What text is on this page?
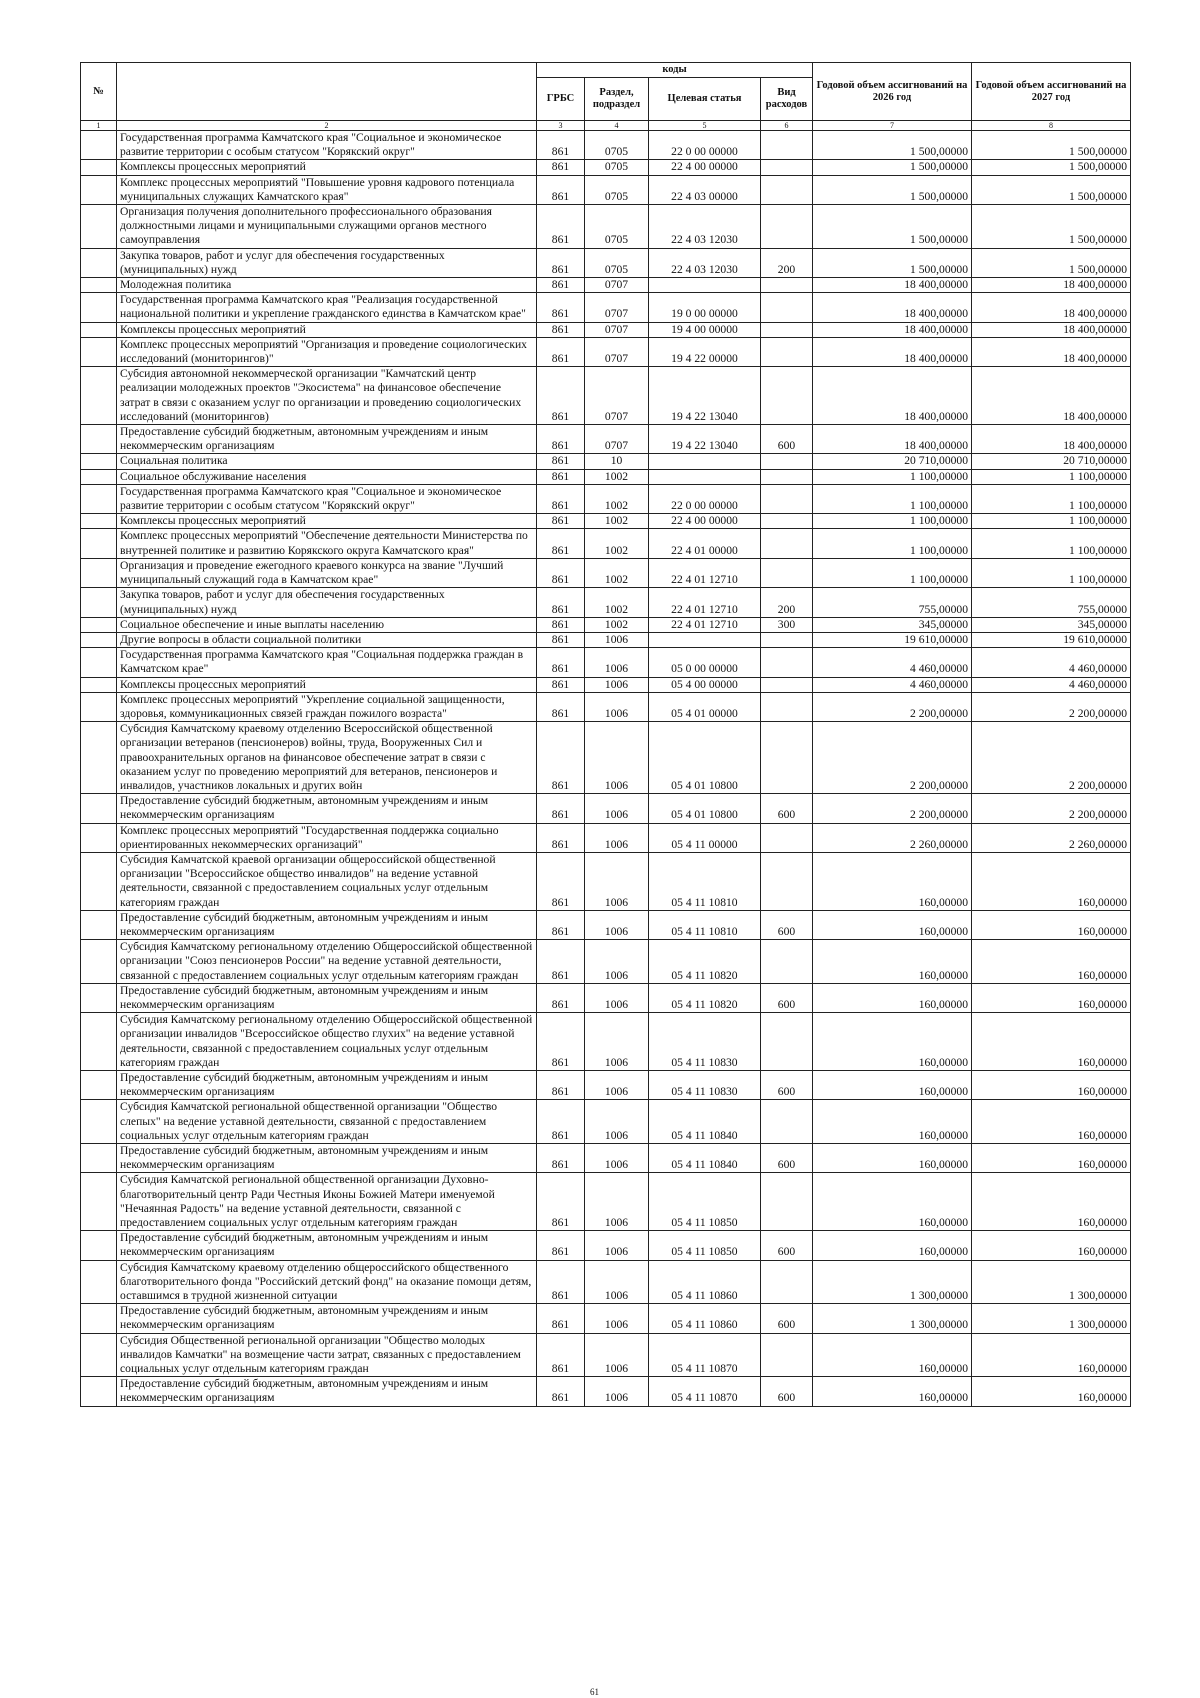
№		коды				Годовой объем ассигнований на 2026 год	Годовой объем ассигнований на 2027 год
		ГРБС	Раздел, подраздел	Целевая статья	Вид расходов		
1	2	3	4	5	6	7	8
	Государственная программа Камчатского края "Социальное и экономическое развитие территории с особым статусом "Корякский округ"	861	0705	22 0 00 00000		1 500,00000	1 500,00000
	Комплексы процессных мероприятий	861	0705	22 4 00 00000		1 500,00000	1 500,00000
	Комплекс процессных мероприятий "Повышение уровня кадрового потенциала муниципальных служащих Камчатского края"	861	0705	22 4 03 00000		1 500,00000	1 500,00000
	Организация получения дополнительного профессионального образования должностными лицами и муниципальными служащими органов местного самоуправления	861	0705	22 4 03 12030		1 500,00000	1 500,00000
	Закупка товаров, работ и услуг для обеспечения государственных (муниципальных) нужд	861	0705	22 4 03 12030	200	1 500,00000	1 500,00000
	Молодежная политика	861	0707			18 400,00000	18 400,00000
	Государственная программа Камчатского края "Реализация государственной национальной политики и укрепление гражданского единства в Камчатском крае"	861	0707	19 0 00 00000		18 400,00000	18 400,00000
	Комплексы процессных мероприятий	861	0707	19 4 00 00000		18 400,00000	18 400,00000
	Комплекс процессных мероприятий "Организация и проведение социологических исследований (мониторингов)"	861	0707	19 4 22 00000		18 400,00000	18 400,00000
	Субсидия автономной некоммерческой организации "Камчатский центр реализации молодежных проектов "Экосистема" на финансовое обеспечение затрат в связи с оказанием услуг по организации и проведению социологических исследований (мониторингов)	861	0707	19 4 22 13040		18 400,00000	18 400,00000
	Предоставление субсидий бюджетным, автономным учреждениям и иным некоммерческим организациям	861	0707	19 4 22 13040	600	18 400,00000	18 400,00000
	Социальная политика	861	10			20 710,00000	20 710,00000
	Социальное обслуживание населения	861	1002			1 100,00000	1 100,00000
	Государственная программа Камчатского края "Социальное и экономическое развитие территории с особым статусом "Корякский округ"	861	1002	22 0 00 00000		1 100,00000	1 100,00000
	Комплексы процессных мероприятий	861	1002	22 4 00 00000		1 100,00000	1 100,00000
	Комплекс процессных мероприятий "Обеспечение деятельности Министерства по внутренней политике и развитию Корякского округа Камчатского края"	861	1002	22 4 01 00000		1 100,00000	1 100,00000
	Организация и проведение ежегодного краевого конкурса на звание "Лучший муниципальный служащий года в Камчатском крае"	861	1002	22 4 01 12710		1 100,00000	1 100,00000
	Закупка товаров, работ и услуг для обеспечения государственных (муниципальных) нужд	861	1002	22 4 01 12710	200	755,00000	755,00000
	Социальное обеспечение и иные выплаты населению	861	1002	22 4 01 12710	300	345,00000	345,00000
	Другие вопросы в области социальной политики	861	1006			19 610,00000	19 610,00000
	Государственная программа Камчатского края "Социальная поддержка граждан в Камчатском крае"	861	1006	05 0 00 00000		4 460,00000	4 460,00000
	Комплексы процессных мероприятий	861	1006	05 4 00 00000		4 460,00000	4 460,00000
	Комплекс процессных мероприятий "Укрепление социальной защищенности, здоровья, коммуникационных связей граждан пожилого возраста"	861	1006	05 4 01 00000		2 200,00000	2 200,00000
	Субсидия Камчатскому краевому отделению Всероссийской общественной организации ветеранов (пенсионеров) войны, труда, Вооруженных Сил и правоохранительных органов на финансовое обеспечение затрат в связи с оказанием услуг по проведению мероприятий для ветеранов, пенсионеров и инвалидов, участников локальных и других войн	861	1006	05 4 01 10800		2 200,00000	2 200,00000
	Предоставление субсидий бюджетным, автономным учреждениям и иным некоммерческим организациям	861	1006	05 4 01 10800	600	2 200,00000	2 200,00000
	Комплекс процессных мероприятий "Государственная поддержка социально ориентированных некоммерческих организаций"	861	1006	05 4 11 00000		2 260,00000	2 260,00000
	Субсидия Камчатской краевой организации общероссийской общественной организации "Всероссийское общество инвалидов" на ведение уставной деятельности, связанной с предоставлением социальных услуг отдельным категориям граждан	861	1006	05 4 11 10810		160,00000	160,00000
	Предоставление субсидий бюджетным, автономным учреждениям и иным некоммерческим организациям	861	1006	05 4 11 10810	600	160,00000	160,00000
	Субсидия Камчатскому региональному отделению Общероссийской общественной организации "Союз пенсионеров России" на ведение уставной деятельности, связанной с предоставлением социальных услуг отдельным категориям граждан	861	1006	05 4 11 10820		160,00000	160,00000
	Предоставление субсидий бюджетным, автономным учреждениям и иным некоммерческим организациям	861	1006	05 4 11 10820	600	160,00000	160,00000
	Субсидия Камчатскому региональному отделению Общероссийской общественной организации инвалидов "Всероссийское общество глухих" на ведение уставной деятельности, связанной с предоставлением социальных услуг отдельным категориям граждан	861	1006	05 4 11 10830		160,00000	160,00000
	Предоставление субсидий бюджетным, автономным учреждениям и иным некоммерческим организациям	861	1006	05 4 11 10830	600	160,00000	160,00000
	Субсидия Камчатской региональной общественной организации "Общество слепых" на ведение уставной деятельности, связанной с предоставлением социальных услуг отдельным категориям граждан	861	1006	05 4 11 10840		160,00000	160,00000
	Предоставление субсидий бюджетным, автономным учреждениям и иным некоммерческим организациям	861	1006	05 4 11 10840	600	160,00000	160,00000
	Субсидия Камчатской региональной общественной организации Духовно-благотворительный центр Ради Честныя Иконы Божией Матери именуемой "Нечаянная Радость" на ведение уставной деятельности, связанной с предоставлением социальных услуг отдельным категориям граждан	861	1006	05 4 11 10850		160,00000	160,00000
	Предоставление субсидий бюджетным, автономным учреждениям и иным некоммерческим организациям	861	1006	05 4 11 10850	600	160,00000	160,00000
	Субсидия Камчатскому краевому отделению общероссийского общественного благотворительного фонда "Российский детский фонд" на оказание помощи детям, оставшимся в трудной жизненной ситуации	861	1006	05 4 11 10860		1 300,00000	1 300,00000
	Предоставление субсидий бюджетным, автономным учреждениям и иным некоммерческим организациям	861	1006	05 4 11 10860	600	1 300,00000	1 300,00000
	Субсидия Общественной региональной организации "Общество молодых инвалидов Камчатки" на возмещение части затрат, связанных с предоставлением социальных услуг отдельным категориям граждан	861	1006	05 4 11 10870		160,00000	160,00000
	Предоставление субсидий бюджетным, автономным учреждениям и иным некоммерческим организациям	861	1006	05 4 11 10870	600	160,00000	160,00000
61
